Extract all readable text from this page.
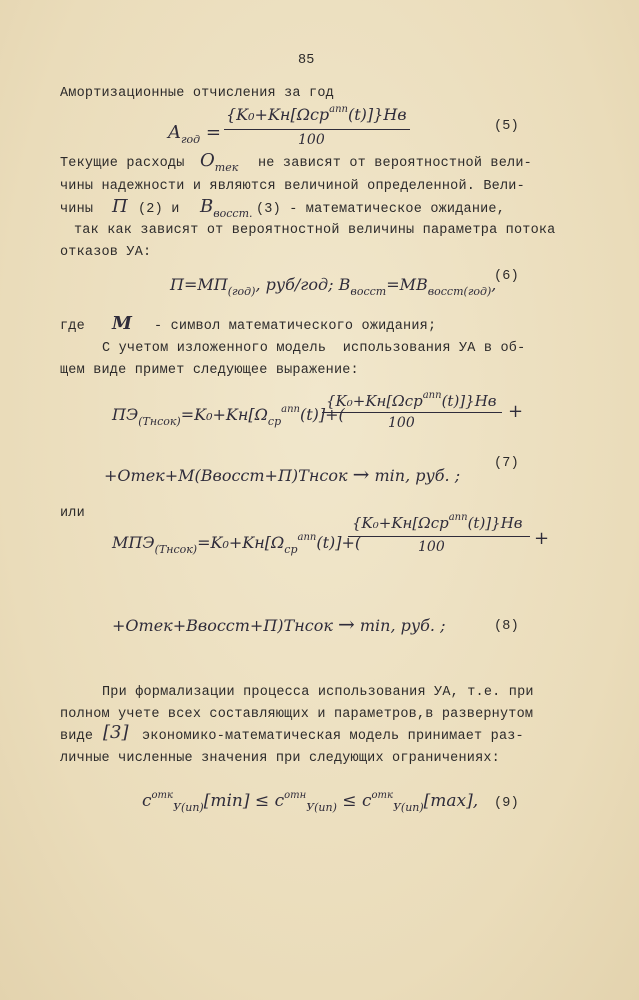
85
Амортизационные отчисления за год
$A_{год}$ =
{K₀+Kн[Ωср$^{апп}$(t)]}Hв
100
(5)
Текущие расходы $O_{тек}$ не зависят от вероятностной вели-
чины надежности и являются величиной определенной. Вели-
чины П (2) и $B_{восст.}$ (3) - математическое ожидание,
так как зависят от вероятностной величины параметра потока
отказов УА:
$П=МП_{(год)}$, руб/год; $B_{восст}=MB_{восст(год)}$,
(6)
где M - символ математического ожидания;
С учетом изложенного модель  использования УА в об-
щем виде примет следующее выражение:
$ПЭ_{(Tнсок)}=K_0+Kн[\Omega_{ср}^{апп}(t)]+$(
{K₀+Kн[Ωср$^{апп}$(t)]}Hв
100
+
+Oтек+M(Bвосст+П)Tнсок → min, руб. ;
(7)
или
$МПЭ_{(Tнсок)}=K_0+Kн[\Omega_{ср}^{апп}(t)]+$(
{K₀+Kн[Ωср$^{апп}$(t)]}Hв
100	+
+Oтек+Bвосст+П)Tнсок → min, руб. ;	(8)
При формализации процесса использования УА, т.е. при
полном учете всех составляющих и параметров,в развернутом
виде [3] экономико-математическая модель принимает раз-
личные численные значения при следующих ограничениях:
$c^{отк}_{У(ип)}[\min] \le c^{отн}_{У(ип)} \le c^{отк}_{У(ип)}[\max]$, (9)
